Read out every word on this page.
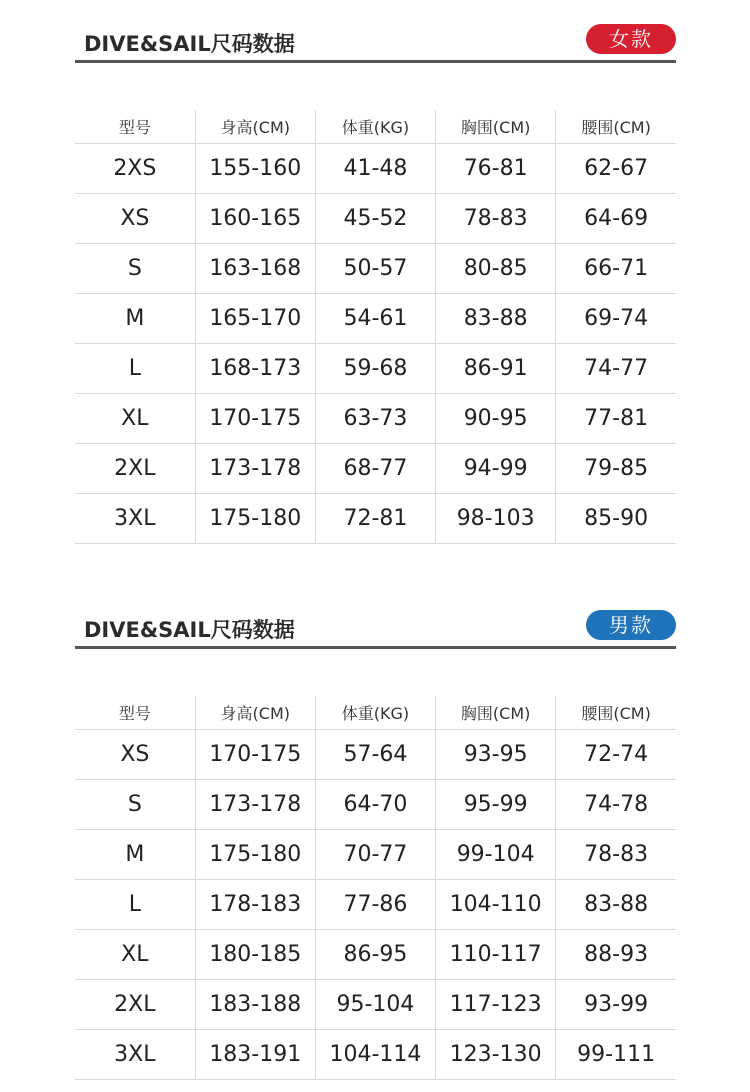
DIVE&SAIL尺码数据	女款
型号	身高(CM)	体重(KG)	胸围(CM)	腰围(CM)
2XS	155-160	41-48	76-81	62-67
XS	160-165	45-52	78-83	64-69
S	163-168	50-57	80-85	66-71
M	165-170	54-61	83-88	69-74
L	168-173	59-68	86-91	74-77
XL	170-175	63-73	90-95	77-81
2XL	173-178	68-77	94-99	79-85
3XL	175-180	72-81	98-103	85-90
DIVE&SAIL尺码数据	男款
型号	身高(CM)	体重(KG)	胸围(CM)	腰围(CM)
XS	170-175	57-64	93-95	72-74
S	173-178	64-70	95-99	74-78
M	175-180	70-77	99-104	78-83
L	178-183	77-86	104-110	83-88
XL	180-185	86-95	110-117	88-93
2XL	183-188	95-104	117-123	93-99
3XL	183-191	104-114	123-130	99-111
